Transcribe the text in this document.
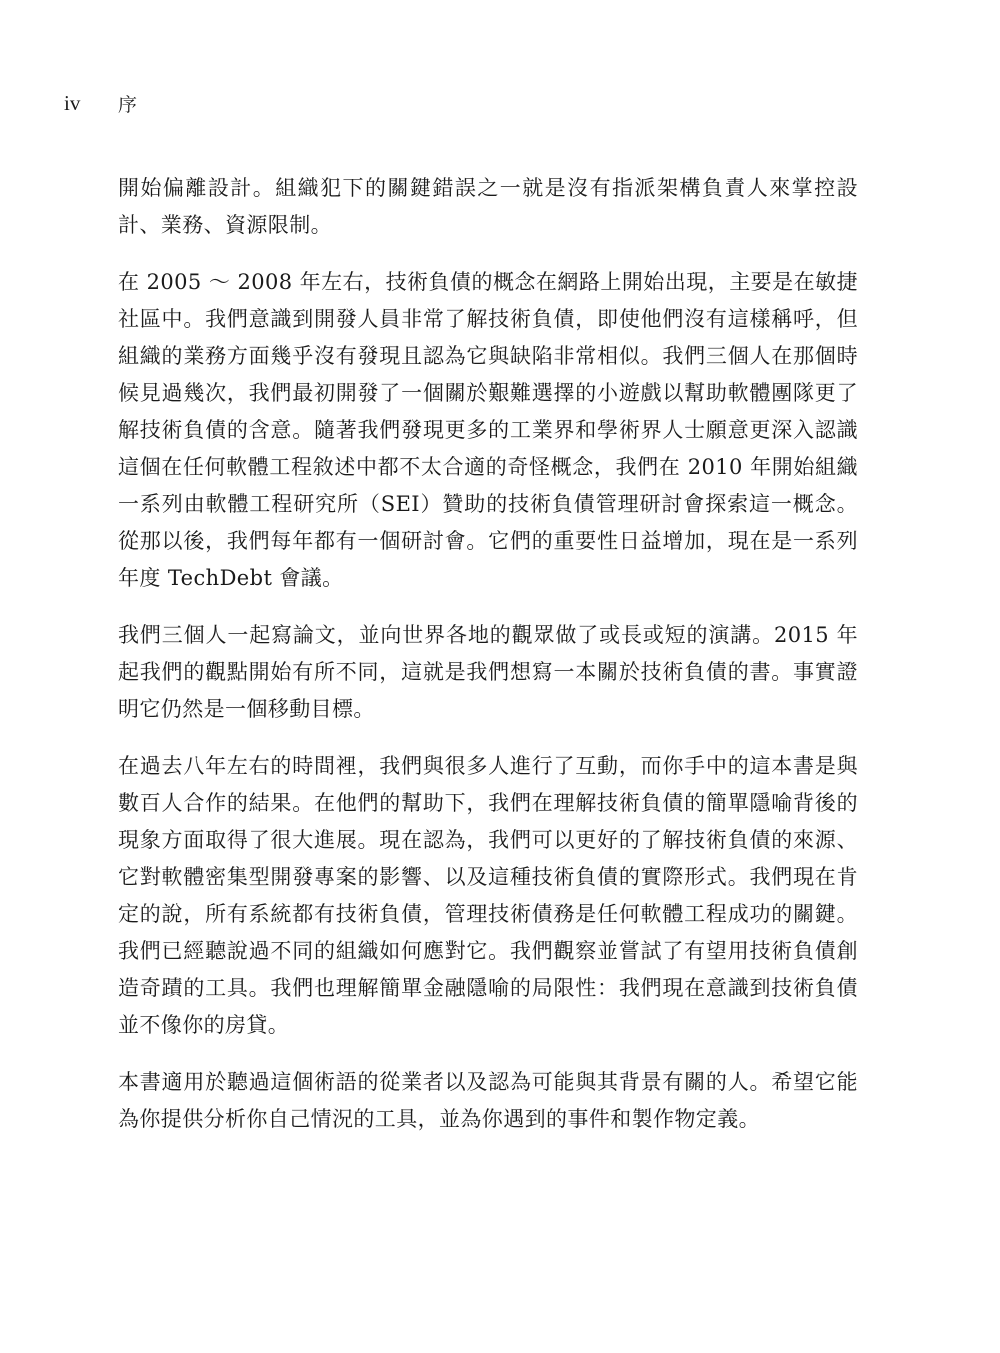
iv	序

開始偏離設計。組織犯下的關鍵錯誤之一就是沒有指派架構負責人來掌控設計、業務、資源限制。

在 2005 ～ 2008 年左右，技術負債的概念在網路上開始出現，主要是在敏捷社區中。我們意識到開發人員非常了解技術負債，即使他們沒有這樣稱呼，但組織的業務方面幾乎沒有發現且認為它與缺陷非常相似。我們三個人在那個時候見過幾次，我們最初開發了一個關於艱難選擇的小遊戲以幫助軟體團隊更了解技術負債的含意。隨著我們發現更多的工業界和學術界人士願意更深入認識這個在任何軟體工程敘述中都不太合適的奇怪概念，我們在 2010 年開始組織一系列由軟體工程研究所（SEI）贊助的技術負債管理研討會探索這一概念。從那以後，我們每年都有一個研討會。它們的重要性日益增加，現在是一系列年度 TechDebt 會議。

我們三個人一起寫論文，並向世界各地的觀眾做了或長或短的演講。2015 年起我們的觀點開始有所不同，這就是我們想寫一本關於技術負債的書。事實證明它仍然是一個移動目標。

在過去八年左右的時間裡，我們與很多人進行了互動，而你手中的這本書是與數百人合作的結果。在他們的幫助下，我們在理解技術負債的簡單隱喻背後的現象方面取得了很大進展。現在認為，我們可以更好的了解技術負債的來源、它對軟體密集型開發專案的影響、以及這種技術負債的實際形式。我們現在肯定的說，所有系統都有技術負債，管理技術債務是任何軟體工程成功的關鍵。我們已經聽說過不同的組織如何應對它。我們觀察並嘗試了有望用技術負債創造奇蹟的工具。我們也理解簡單金融隱喻的局限性：我們現在意識到技術負債並不像你的房貸。

本書適用於聽過這個術語的從業者以及認為可能與其背景有關的人。希望它能為你提供分析你自己情況的工具，並為你遇到的事件和製作物定義。
